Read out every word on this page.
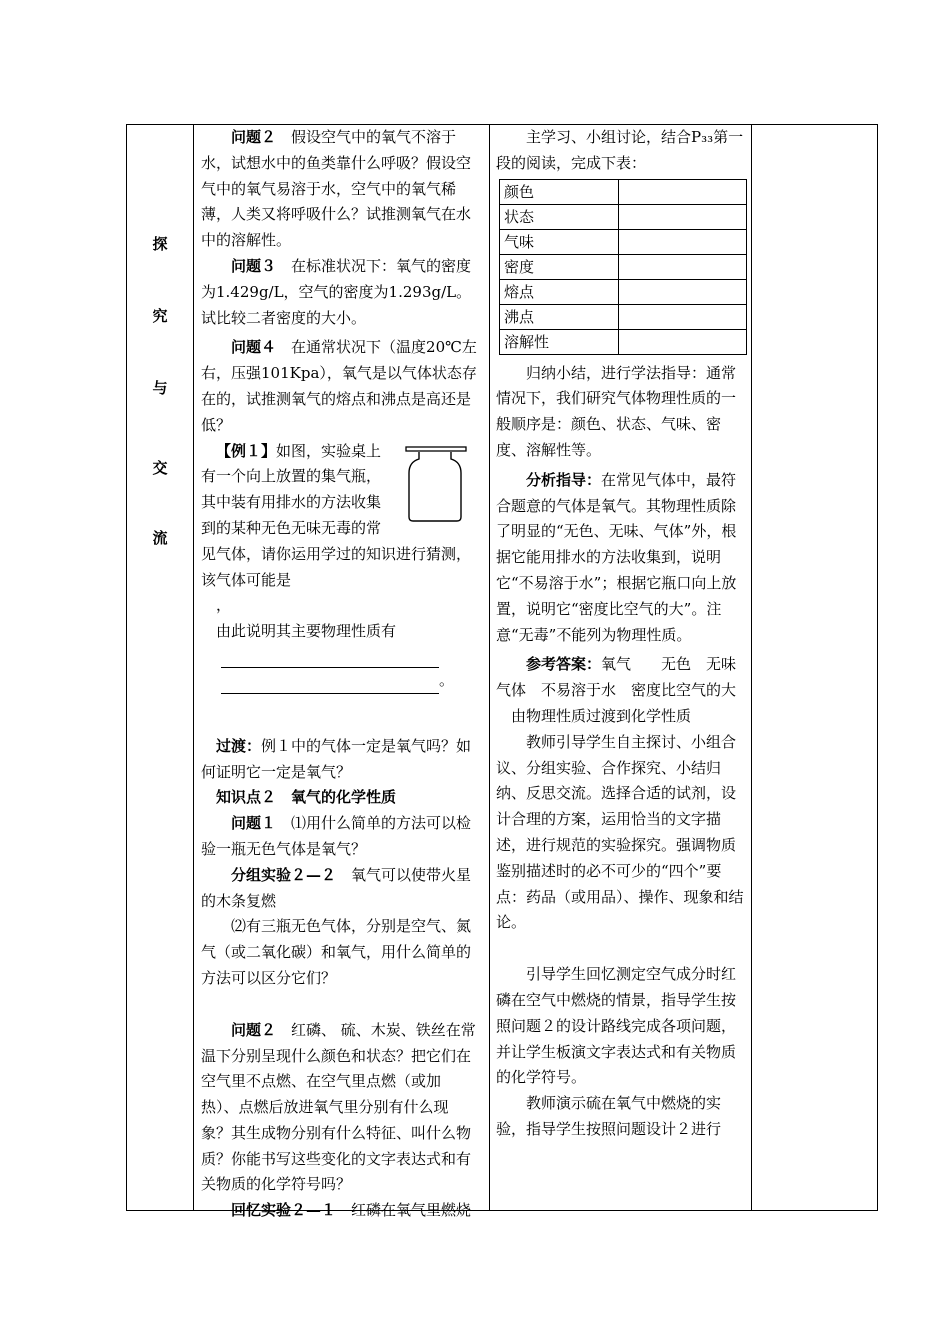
探
究
与
交
流

问题２　 假设空气中的氧气不溶于水，试想水中的鱼类靠什么呼吸？假设空气中的氧气易溶于水，空气中的氧气稀薄，人类又将呼吸什么？试推测氧气在水中的溶解性。

问题３　 在标准状况下：氧气的密度为1.429g/L，空气的密度为1.293g/L。试比较二者密度的大小。

问题４　 在通常状况下（温度20℃左右，压强101Kpa），氧气是以气体状态存在的，试推测氧气的熔点和沸点是高还是低？

【例１】如图，实验桌上有一个向上放置的集气瓶，其中装有用排水的方法收集到的某种无色无味无毒的常见气体，请你运用学过的知识进行猜测，该气体可能是

，

由此说明其主要物理性质有

。

过渡：例１中的气体一定是氧气吗？如何证明它一定是氧气？

知识点２　氧气的化学性质

问题１　 ⑴用什么简单的方法可以检验一瓶无色气体是氧气？

分组实验２—２　 氧气可以使带火星的木条复燃

⑵有三瓶无色气体，分别是空气、氮气（或二氧化碳）和氧气，用什么简单的方法可以区分它们？

问题２　 红磷、 硫、木炭、铁丝在常温下分别呈现什么颜色和状态？把它们在空气里不点燃、在空气里点燃（或加热）、点燃后放进氧气里分别有什么现象？其生成物分别有什么特征、叫什么物质？你能书写这些变化的文字表达式和有关物质的化学符号吗？

回忆实验２—１　 红磷在氧气里燃烧

主学习、小组讨论，结合P₃₃第一段的阅读，完成下表：

颜色	
状态	
气味	
密度	
熔点	
沸点	
溶解性	

归纳小结，进行学法指导：通常情况下，我们研究气体物理性质的一般顺序是：颜色、状态、气味、密度、溶解性等。

分析指导：在常见气体中，最符合题意的气体是氧气。其物理性质除了明显的“无色、无味、气体”外，根据它能用排水的方法收集到，说明它“不易溶于水”；根据它瓶口向上放置，说明它“密度比空气的大”。注意“无毒”不能列为物理性质。

参考答案：氧气　　无色　无味　气体　不易溶于水　密度比空气的大

由物理性质过渡到化学性质

教师引导学生自主探讨、小组合议、分组实验、合作探究、小结归纳、反思交流。选择合适的试剂，设计合理的方案，运用恰当的文字描述，进行规范的实验探究。强调物质鉴别描述时的必不可少的“四个”要点：药品（或用品）、操作、现象和结论。

引导学生回忆测定空气成分时红磷在空气中燃烧的情景，指导学生按照问题２的设计路线完成各项问题，并让学生板演文字表达式和有关物质的化学符号。

教师演示硫在氧气中燃烧的实验，指导学生按照问题设计２进行
